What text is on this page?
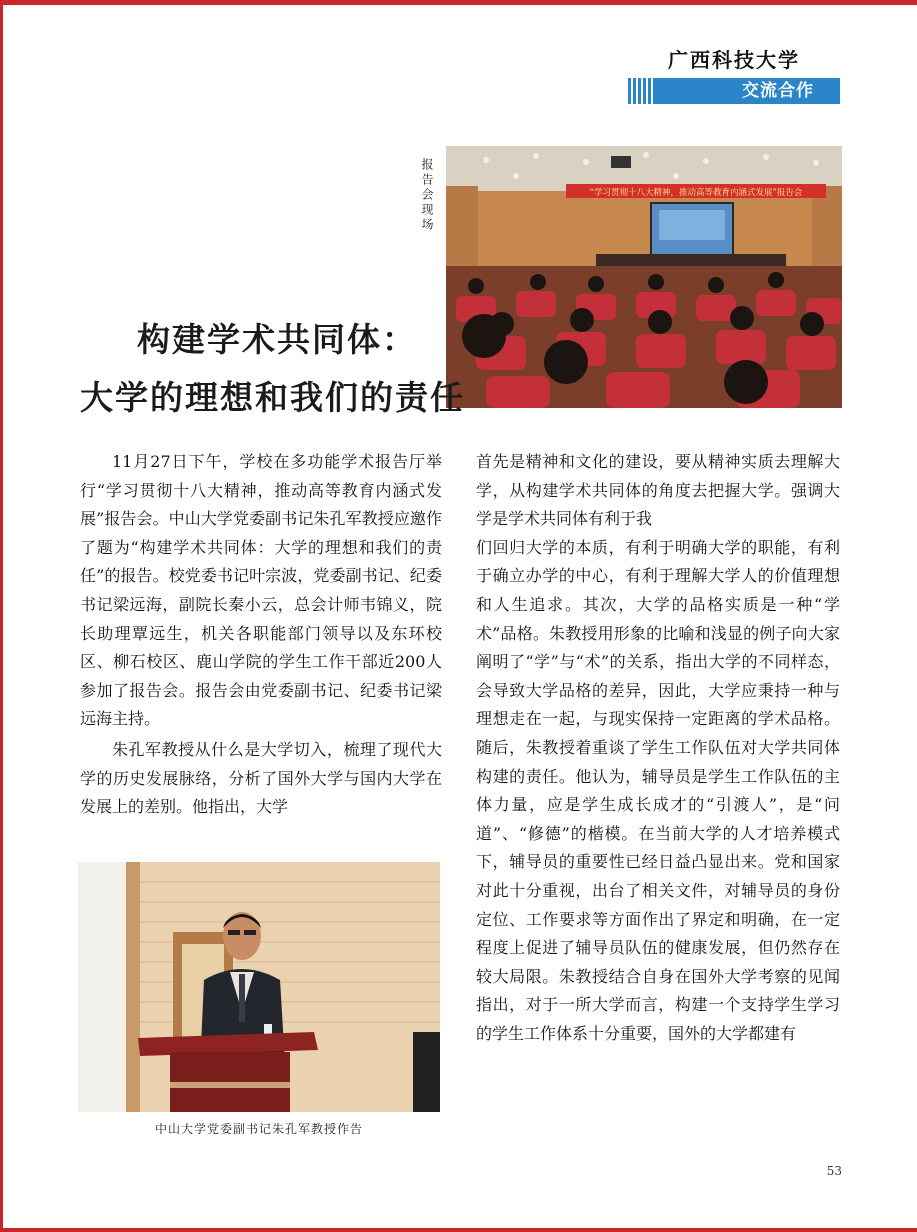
广西科技大学
交流合作
报告会现场	“学习贯彻十八大精神，推动高等教育内涵式发展”报告会
构建学术共同体：
大学的理想和我们的责任

11月27日下午，学校在多功能学术报告厅举行“学习贯彻十八大精神，推动高等教育内涵式发展”报告会。中山大学党委副书记朱孔军教授应邀作了题为“构建学术共同体：大学的理想和我们的责任”的报告。校党委书记叶宗波，党委副书记、纪委书记梁远海，副院长秦小云，总会计师韦锦义，院长助理覃远生，机关各职能部门领导以及东环校区、柳石校区、鹿山学院的学生工作干部近200人参加了报告会。报告会由党委副书记、纪委书记梁远海主持。

朱孔军教授从什么是大学切入，梳理了现代大学的历史发展脉络，分析了国外大学与国内大学在发展上的差别。他指出，大学

首先是精神和文化的建设，要从精神实质去理解大学，从构建学术共同体的角度去把握大学。强调大学是学术共同体有利于我

们回归大学的本质，有利于明确大学的职能，有利于确立办学的中心，有利于理解大学人的价值理想和人生追求。其次，大学的品格实质是一种“学术”品格。朱教授用形象的比喻和浅显的例子向大家阐明了“学”与“术”的关系，指出大学的不同样态，会导致大学品格的差异，因此，大学应秉持一种与理想走在一起，与现实保持一定距离的学术品格。随后，朱教授着重谈了学生工作队伍对大学共同体构建的责任。他认为，辅导员是学生工作队伍的主体力量，应是学生成长成才的“引渡人”，是“问道”、“修德”的楷模。在当前大学的人才培养模式下，辅导员的重要性已经日益凸显出来。党和国家对此十分重视，出台了相关文件，对辅导员的身份定位、工作要求等方面作出了界定和明确，在一定程度上促进了辅导员队伍的健康发展，但仍然存在较大局限。朱教授结合自身在国外大学考察的见闻指出，对于一所大学而言，构建一个支持学生学习的学生工作体系十分重要，国外的大学都建有

中山大学党委副书记朱孔军教授作告
53
